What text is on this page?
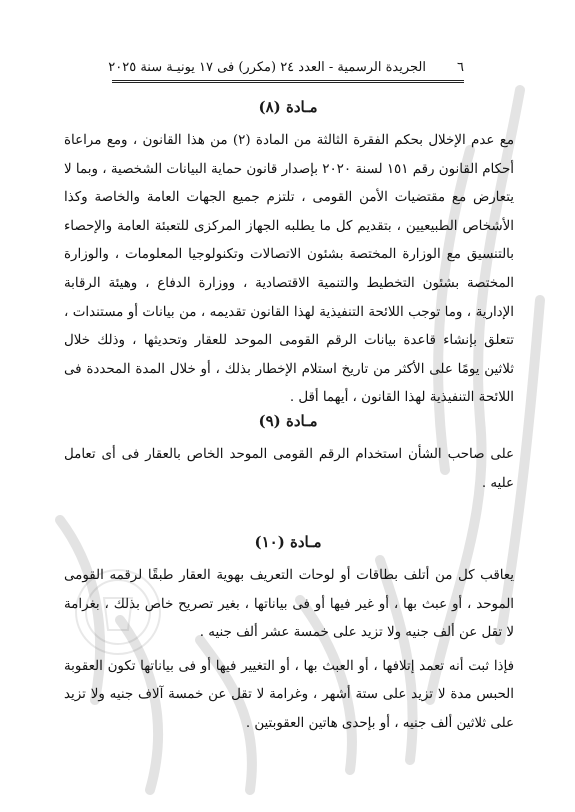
٦
الجريدة الرسمية - العدد ٢٤ (مكرر) فى ١٧ يونيـة سنة ٢٠٢٥
مـادة (٨)

مع عدم الإخلال بحكم الفقرة الثالثة من المادة (٢) من هذا القانون ، ومع مراعاة أحكام القانون رقم ١٥١ لسنة ٢٠٢٠ بإصدار قانون حماية البيانات الشخصية ، وبما لا يتعارض مع مقتضيات الأمن القومى ، تلتزم جميع الجهات العامة والخاصة وكذا الأشخاص الطبيعيين ، بتقديم كل ما يطلبه الجهاز المركزى للتعبئة العامة والإحصاء بالتنسيق مع الوزارة المختصة بشئون الاتصالات وتكنولوجيا المعلومات ، والوزارة المختصة بشئون التخطيط والتنمية الاقتصادية ، ووزارة الدفاع ، وهيئة الرقابة الإدارية ، وما توجب اللائحة التنفيذية لهذا القانون تقديمه ، من بيانات أو مستندات ، تتعلق بإنشاء قاعدة بيانات الرقم القومى الموحد للعقار وتحديثها ، وذلك خلال ثلاثين يومًا على الأكثر من تاريخ استلام الإخطار بذلك ، أو خلال المدة المحددة فى اللائحة التنفيذية لهذا القانون ، أيهما أقل .

مـادة (٩)

على صاحب الشأن استخدام الرقم القومى الموحد الخاص بالعقار فى أى تعامل عليه .

مـادة (١٠)

يعاقب كل من أتلف بطاقات أو لوحات التعريف بهوية العقار طبقًا لرقمه القومى الموحد ، أو عبث بها ، أو غير فيها أو فى بياناتها ، بغير تصريح خاص بذلك ، بغرامة لا تقل عن ألف جنيه ولا تزيد على خمسة عشر ألف جنيه .

فإذا ثبت أنه تعمد إتلافها ، أو العبث بها ، أو التغيير فيها أو فى بياناتها تكون العقوبة الحبس مدة لا تزيد على ستة أشهر ، وغرامة لا تقل عن خمسة آلاف جنيه ولا تزيد على ثلاثين ألف جنيه ، أو بإحدى هاتين العقوبتين .
